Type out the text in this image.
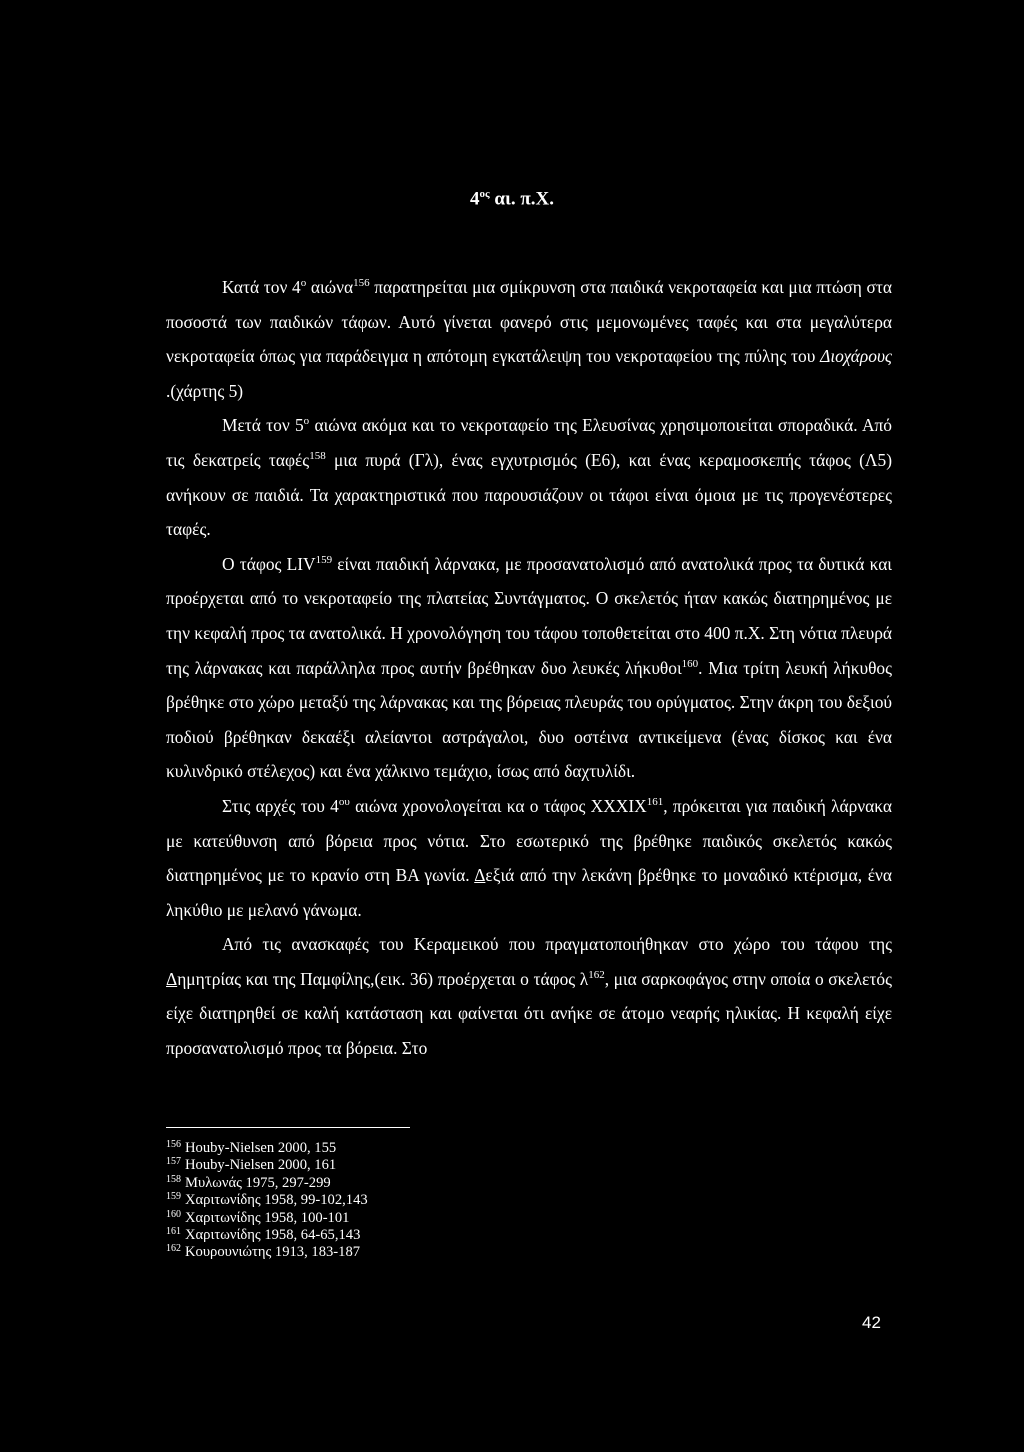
$4^{o\varsigma}$ αι. π.Χ.

Κατά τον $4^o$ αιώνα$^{156}$ παρατηρείται μια σμίκρυνση στα παιδικά νεκροταφεία και μια πτώση στα ποσοστά των παιδικών τάφων. Αυτό γίνεται φανερό στις μεμονωμένες ταφές και στα μεγαλύτερα νεκροταφεία όπως για παράδειγμα η απότομη εγκατάλειψη του νεκροταφείου της πύλης του Διοχάρους .(χάρτης 5)

Μετά τον $5^o$ αιώνα ακόμα και το νεκροταφείο της Ελευσίνας χρησιμοποιείται σποραδικά. Από τις δεκατρείς ταφές$^{158}$ μια πυρά (Γλ), ένας εγχυτρισμός (Ε6), και ένας κεραμοσκεπής τάφος (Λ5) ανήκουν σε παιδιά. Τα χαρακτηριστικά που παρουσιάζουν οι τάφοι είναι όμοια με τις προγενέστερες ταφές.

Ο τάφος LIV$^{159}$ είναι παιδική λάρνακα, με προσανατολισμό από ανατολικά προς τα δυτικά και προέρχεται από το νεκροταφείο της πλατείας Συντάγματος. Ο σκελετός ήταν κακώς διατηρημένος με την κεφαλή προς τα ανατολικά. Η χρονολόγηση του τάφου τοποθετείται στο 400 π.Χ. Στη νότια πλευρά της λάρνακας και παράλληλα προς αυτήν βρέθηκαν δυο λευκές λήκυθοι$^{160}$. Μια τρίτη λευκή λήκυθος βρέθηκε στο χώρο μεταξύ της λάρνακας και της βόρειας πλευράς του ορύγματος. Στην άκρη του δεξιού ποδιού βρέθηκαν δεκαέξι αλείαντοι αστράγαλοι, δυο οστέινα αντικείμενα (ένας δίσκος και ένα κυλινδρικό στέλεχος) και ένα χάλκινο τεμάχιο, ίσως από δαχτυλίδι.

Στις αρχές του $4^{o\upsilon}$ αιώνα χρονολογείται κα ο τάφος XXXIX$^{161}$, πρόκειται για παιδική λάρνακα με κατεύθυνση από βόρεια προς νότια. Στο εσωτερικό της βρέθηκε παιδικός σκελετός κακώς διατηρημένος με το κρανίο στη ΒΑ γωνία. Δεξιά από την λεκάνη βρέθηκε το μοναδικό κτέρισμα, ένα ληκύθιο με μελανό γάνωμα.

Από τις ανασκαφές του Κεραμεικού που πραγματοποιήθηκαν στο χώρο του τάφου της Δημητρίας και της Παμφίλης,(εικ. 36) προέρχεται ο τάφος $\lambda^{162}$, μια σαρκοφάγος στην οποία ο σκελετός είχε διατηρηθεί σε καλή κατάσταση και φαίνεται ότι ανήκε σε άτομο νεαρής ηλικίας. Η κεφαλή είχε προσανατολισμό προς τα βόρεια. Στο

$^{156}$ Houby-Nielsen 2000, 155
$^{157}$ Houby-Nielsen 2000, 161
$^{158}$ Μυλωνάς 1975, 297-299
$^{159}$ Χαριτωνίδης 1958, 99-102,143
$^{160}$ Χαριτωνίδης 1958, 100-101
$^{161}$ Χαριτωνίδης 1958, 64-65,143
$^{162}$ Κουρουνιώτης 1913, 183-187
42
